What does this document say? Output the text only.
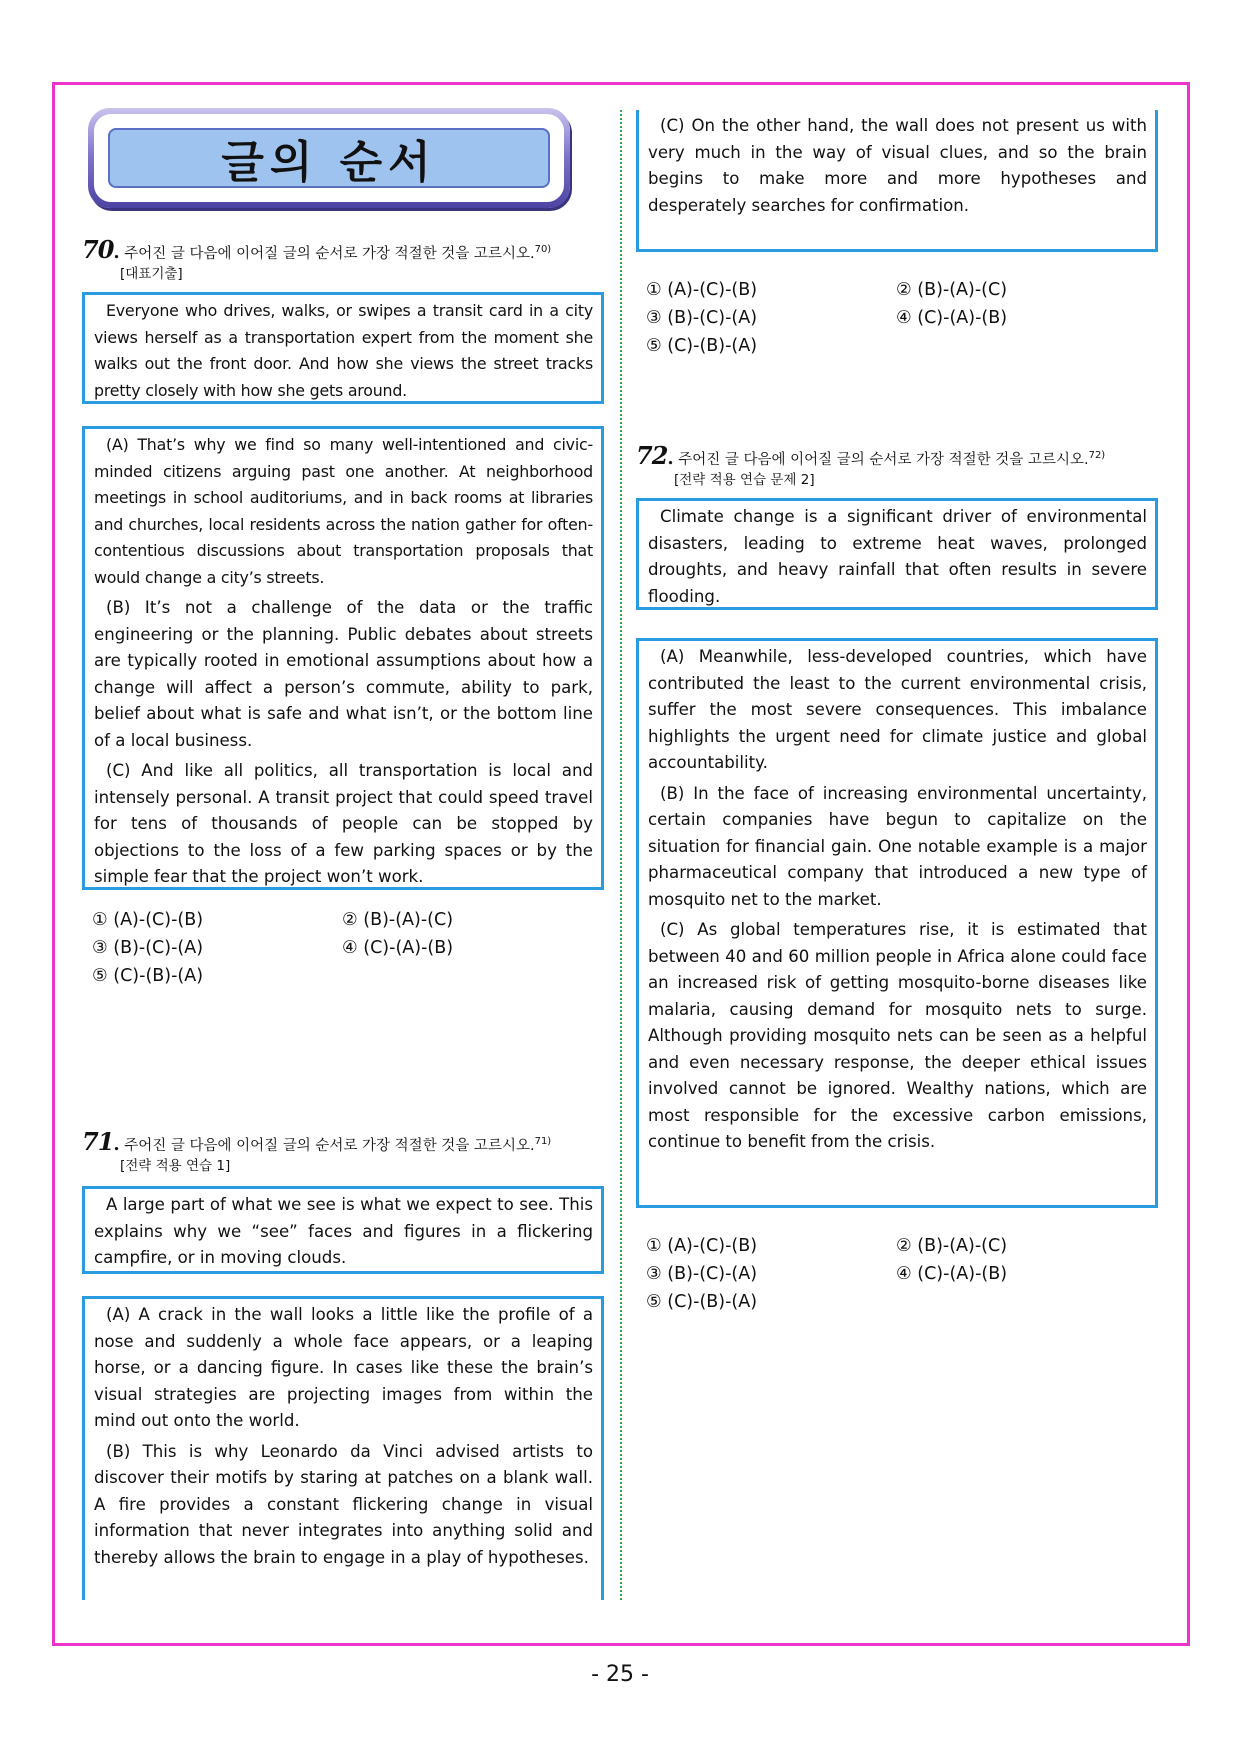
글의 순서
70. 주어진 글 다음에 이어질 글의 순서로 가장 적절한 것을 고르시오.$^{70)}$
[대표기출]

Everyone who drives, walks, or swipes a transit card in a city views herself as a transportation expert from the moment she walks out the front door. And how she views the street tracks pretty closely with how she gets around.

(A) That’s why we find so many well-intentioned and civic-minded citizens arguing past one another. At neighborhood meetings in school auditoriums, and in back rooms at libraries and churches, local residents across the nation gather for often-contentious discussions about transportation proposals that would change a city’s streets.

(B) It’s not a challenge of the data or the traffic engineering or the planning. Public debates about streets are typically rooted in emotional assumptions about how a change will affect a person’s commute, ability to park, belief about what is safe and what isn’t, or the bottom line of a local business.

(C) And like all politics, all transportation is local and intensely personal. A transit project that could speed travel for tens of thousands of people can be stopped by objections to the loss of a few parking spaces or by the simple fear that the project won’t work.

① (A)-(C)-(B)	② (B)-(A)-(C)
③ (B)-(C)-(A)	④ (C)-(A)-(B)
⑤ (C)-(B)-(A)
71. 주어진 글 다음에 이어질 글의 순서로 가장 적절한 것을 고르시오.$^{71)}$
[전략 적용 연습 1]

A large part of what we see is what we expect to see. This explains why we “see” faces and figures in a flickering campfire, or in moving clouds.

(A) A crack in the wall looks a little like the profile of a nose and suddenly a whole face appears, or a leaping horse, or a dancing figure. In cases like these the brain’s visual strategies are projecting images from within the mind out onto the world.

(B) This is why Leonardo da Vinci advised artists to discover their motifs by staring at patches on a blank wall. A fire provides a constant flickering change in visual information that never integrates into anything solid and thereby allows the brain to engage in a play of hypotheses.

(C) On the other hand, the wall does not present us with very much in the way of visual clues, and so the brain begins to make more and more hypotheses and desperately searches for confirmation.

① (A)-(C)-(B)	② (B)-(A)-(C)
③ (B)-(C)-(A)	④ (C)-(A)-(B)
⑤ (C)-(B)-(A)
72. 주어진 글 다음에 이어질 글의 순서로 가장 적절한 것을 고르시오.$^{72)}$
[전략 적용 연습 문제 2]

Climate change is a significant driver of environmental disasters, leading to extreme heat waves, prolonged droughts, and heavy rainfall that often results in severe flooding.

(A) Meanwhile, less-developed countries, which have contributed the least to the current environmental crisis, suffer the most severe consequences. This imbalance highlights the urgent need for climate justice and global accountability.

(B) In the face of increasing environmental uncertainty, certain companies have begun to capitalize on the situation for financial gain. One notable example is a major pharmaceutical company that introduced a new type of mosquito net to the market.

(C) As global temperatures rise, it is estimated that between 40 and 60 million people in Africa alone could face an increased risk of getting mosquito-borne diseases like malaria, causing demand for mosquito nets to surge. Although providing mosquito nets can be seen as a helpful and even necessary response, the deeper ethical issues involved cannot be ignored. Wealthy nations, which are most responsible for the excessive carbon emissions, continue to benefit from the crisis.

① (A)-(C)-(B)	② (B)-(A)-(C)
③ (B)-(C)-(A)	④ (C)-(A)-(B)
⑤ (C)-(B)-(A)
- 25 -
